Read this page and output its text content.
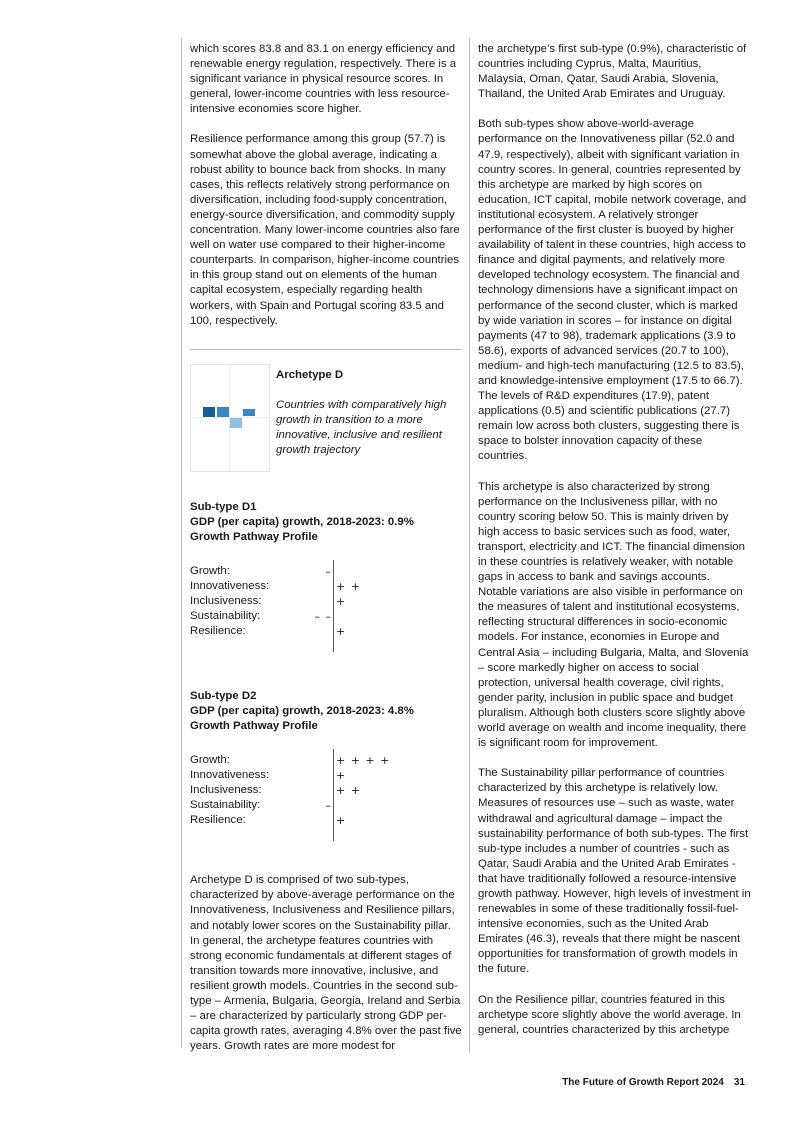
which scores 83.8 and 83.1 on energy efficiency and renewable energy regulation, respectively. There is a significant variance in physical resource scores. In general, lower-income countries with less resource-intensive economies score higher.

Resilience performance among this group (57.7) is somewhat above the global average, indicating a robust ability to bounce back from shocks. In many cases, this reflects relatively strong performance on diversification, including food-supply concentration, energy-source diversification, and commodity supply concentration. Many lower-income countries also fare well on water use compared to their higher-income counterparts. In comparison, higher-income countries in this group stand out on elements of the human capital ecosystem, especially regarding health workers, with Spain and Portugal scoring 83.5 and 100, respectively.

Archetype D

Countries with comparatively high growth in transition to a more innovative, inclusive and resilient growth trajectory

Sub-type D1
GDP (per capita) growth, 2018-2023: 0.9%
Growth Pathway Profile
Growth:	–
Innovativeness:	+ +
Inclusiveness:	+
Sustainability:	– –
Resilience:	+
Sub-type D2
GDP (per capita) growth, 2018-2023: 4.8%
Growth Pathway Profile
Growth:	+ + + +
Innovativeness:	+
Inclusiveness:	+ +
Sustainability:	–
Resilience:	+

Archetype D is comprised of two sub-types, characterized by above-average performance on the Innovativeness, Inclusiveness and Resilience pillars, and notably lower scores on the Sustainability pillar. In general, the archetype features countries with strong economic fundamentals at different stages of transition towards more innovative, inclusive, and resilient growth models. Countries in the second sub-type – Armenia, Bulgaria, Georgia, Ireland and Serbia – are characterized by particularly strong GDP per-capita growth rates, averaging 4.8% over the past five years. Growth rates are more modest for

the archetype’s first sub-type (0.9%), characteristic of countries including Cyprus, Malta, Mauritius, Malaysia, Oman, Qatar, Saudi Arabia, Slovenia, Thailand, the United Arab Emirates and Uruguay.

Both sub-types show above-world-average performance on the Innovativeness pillar (52.0 and 47.9, respectively), albeit with significant variation in country scores. In general, countries represented by this archetype are marked by high scores on education, ICT capital, mobile network coverage, and institutional ecosystem. A relatively stronger performance of the first cluster is buoyed by higher availability of talent in these countries, high access to finance and digital payments, and relatively more developed technology ecosystem. The financial and technology dimensions have a significant impact on performance of the second cluster, which is marked by wide variation in scores – for instance on digital payments (47 to 98), trademark applications (3.9 to 58.6), exports of advanced services (20.7 to 100), medium- and high-tech manufacturing (12.5 to 83.5), and knowledge-intensive employment (17.5 to 66.7). The levels of R&D expenditures (17.9), patent applications (0.5) and scientific publications (27.7) remain low across both clusters, suggesting there is space to bolster innovation capacity of these countries.

This archetype is also characterized by strong performance on the Inclusiveness pillar, with no country scoring below 50. This is mainly driven by high access to basic services such as food, water, transport, electricity and ICT. The financial dimension in these countries is relatively weaker, with notable gaps in access to bank and savings accounts. Notable variations are also visible in performance on the measures of talent and institutional ecosystems, reflecting structural differences in socio-economic models. For instance, economies in Europe and Central Asia – including Bulgaria, Malta, and Slovenia – score markedly higher on access to social protection, universal health coverage, civil rights, gender parity, inclusion in public space and budget pluralism. Although both clusters score slightly above world average on wealth and income inequality, there is significant room for improvement.

The Sustainability pillar performance of countries characterized by this archetype is relatively low. Measures of resources use – such as waste, water withdrawal and agricultural damage – impact the sustainability performance of both sub-types. The first sub-type includes a number of countries - such as Qatar, Saudi Arabia and the United Arab Emirates - that have traditionally followed a resource-intensive growth pathway. However, high levels of investment in renewables in some of these traditionally fossil-fuel-intensive economies, such as the United Arab Emirates (46.3), reveals that there might be nascent opportunities for transformation of growth models in the future.

On the Resilience pillar, countries featured in this archetype score slightly above the world average. In general, countries characterized by this archetype

The Future of Growth Report 2024 31
